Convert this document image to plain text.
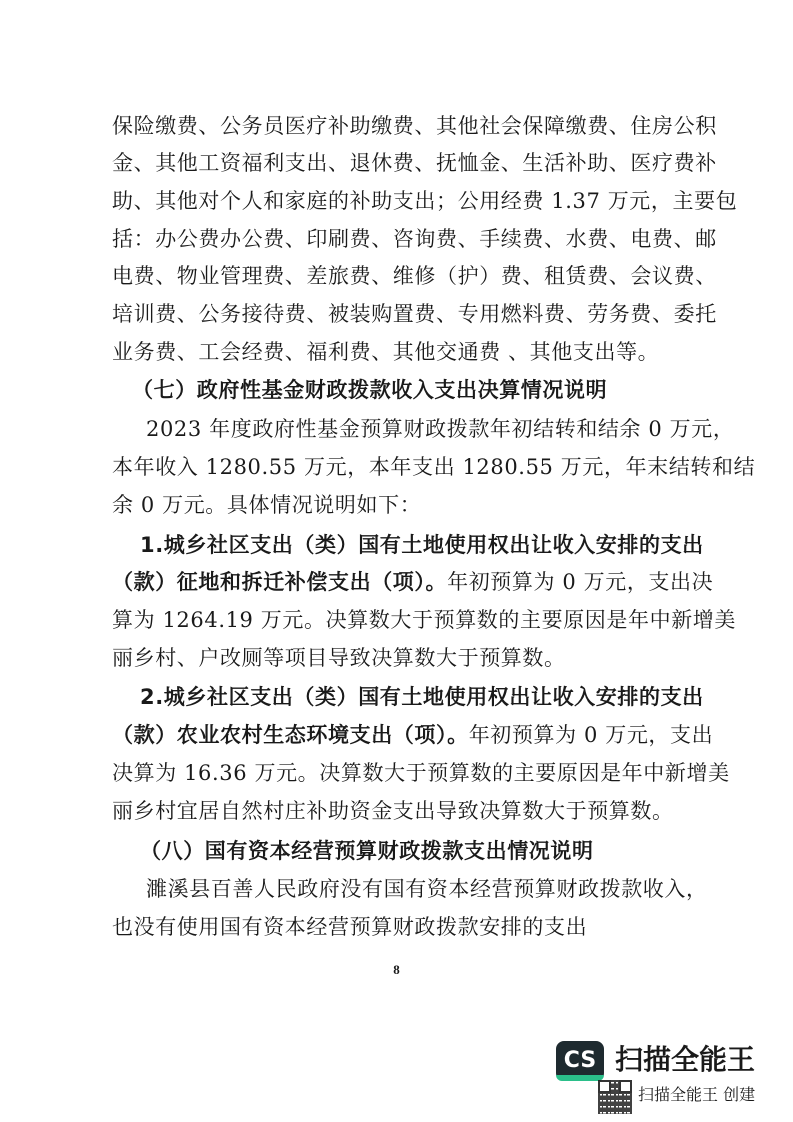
保险缴费、公务员医疗补助缴费、其他社会保障缴费、住房公积
金、其他工资福利支出、退休费、抚恤金、生活补助、医疗费补
助、其他对个人和家庭的补助支出；公用经费 1.37 万元，主要包
括：办公费办公费、印刷费、咨询费、手续费、水费、电费、邮
电费、物业管理费、差旅费、维修（护）费、租赁费、会议费、
培训费、公务接待费、被装购置费、专用燃料费、劳务费、委托
业务费、工会经费、福利费、其他交通费 、其他支出等。
（七）政府性基金财政拨款收入支出决算情况说明
2023 年度政府性基金预算财政拨款年初结转和结余 0 万元，
本年收入 1280.55 万元，本年支出 1280.55 万元，年末结转和结
余 0 万元。具体情况说明如下：
1.城乡社区支出（类）国有土地使用权出让收入安排的支出
（款）征地和拆迁补偿支出（项）。年初预算为 0 万元，支出决
算为 1264.19 万元。决算数大于预算数的主要原因是年中新增美
丽乡村、户改厕等项目导致决算数大于预算数。
2.城乡社区支出（类）国有土地使用权出让收入安排的支出
（款）农业农村生态环境支出（项）。年初预算为 0 万元，支出
决算为 16.36 万元。决算数大于预算数的主要原因是年中新增美
丽乡村宜居自然村庄补助资金支出导致决算数大于预算数。
（八）国有资本经营预算财政拨款支出情况说明
濉溪县百善人民政府没有国有资本经营预算财政拨款收入，
也没有使用国有资本经营预算财政拨款安排的支出
8
CS 扫描全能王
扫描全能王 创建
